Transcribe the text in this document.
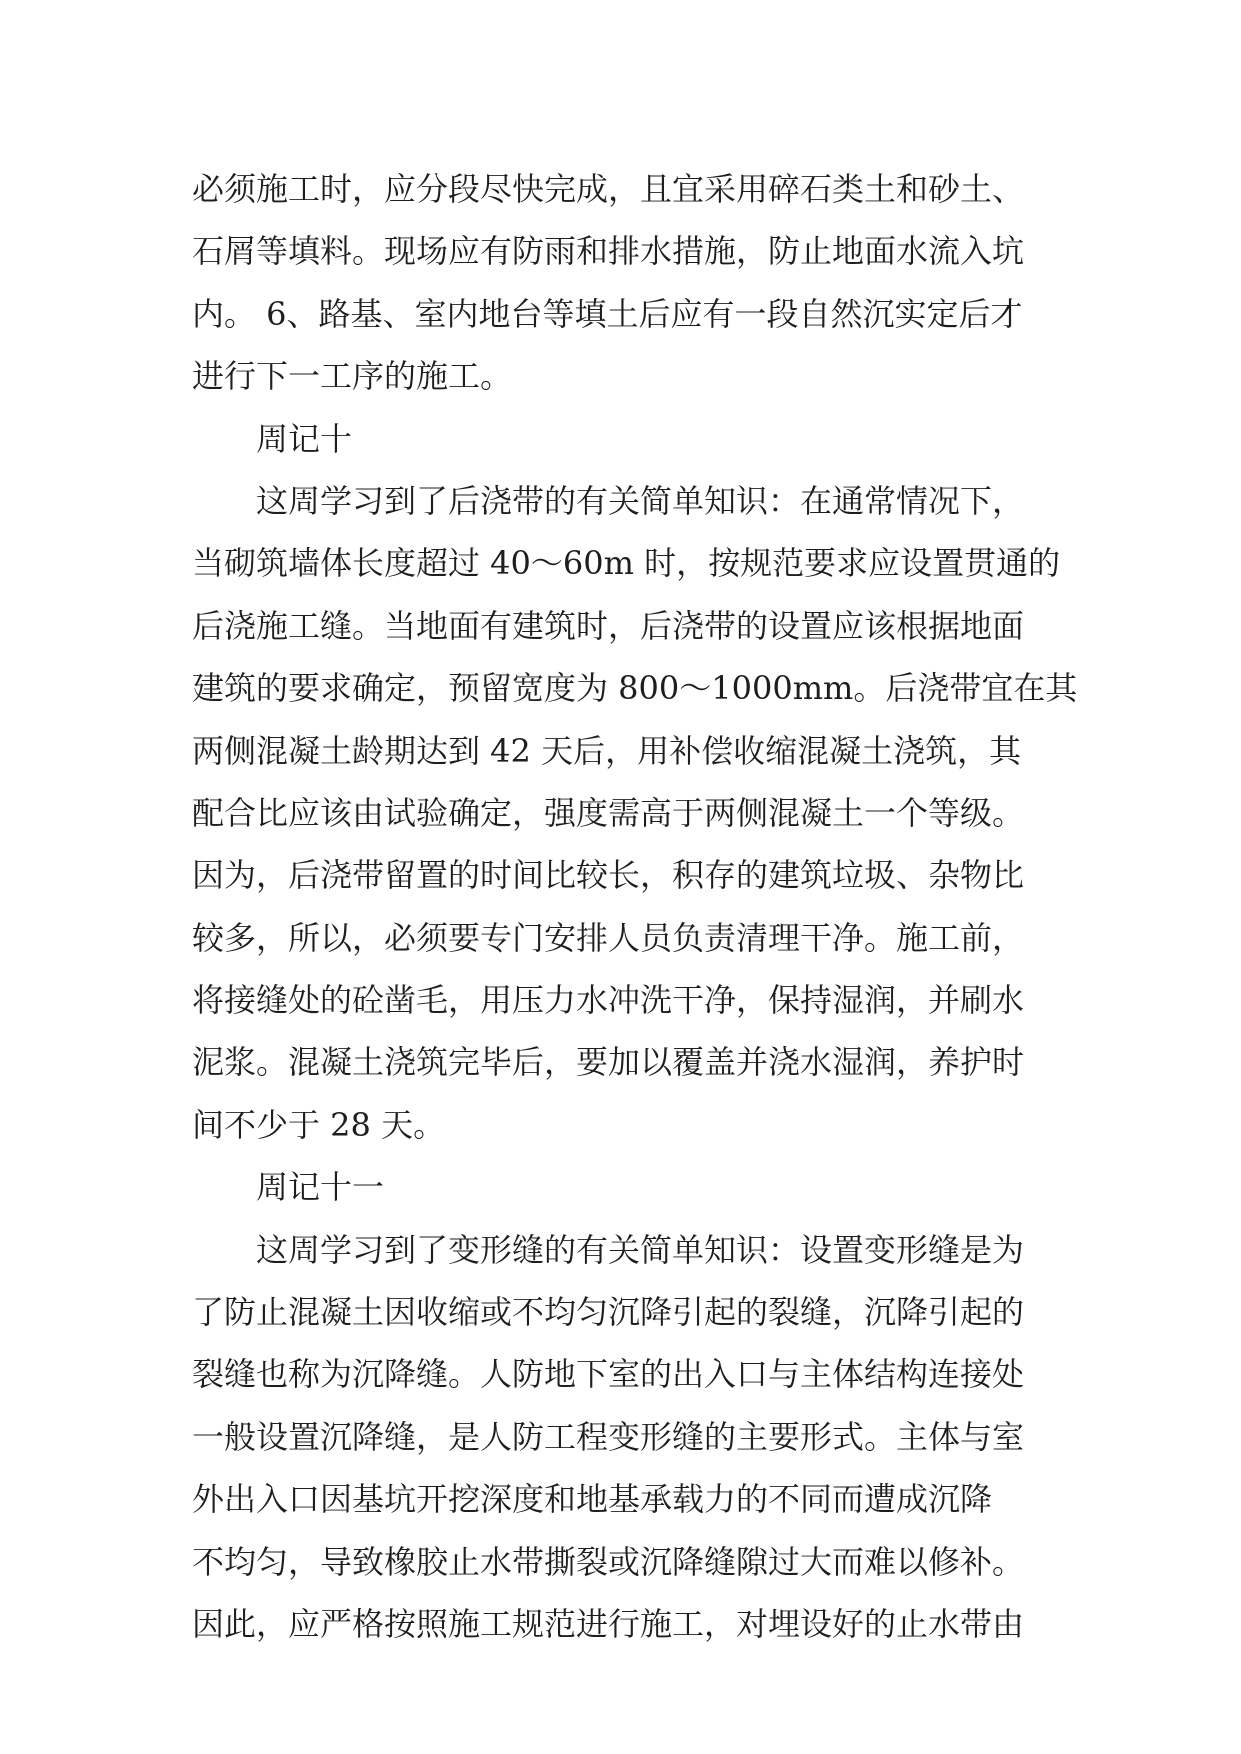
必须施工时，应分段尽快完成，且宜采用碎石类土和砂土、
石屑等填料。现场应有防雨和排水措施，防止地面水流入坑
内。 6、路基、室内地台等填土后应有一段自然沉实定后才
进行下一工序的施工。
周记十
这周学习到了后浇带的有关简单知识：在通常情况下，
当砌筑墙体长度超过 40～60m 时，按规范要求应设置贯通的
后浇施工缝。当地面有建筑时，后浇带的设置应该根据地面
建筑的要求确定，预留宽度为 800～1000mm。后浇带宜在其
两侧混凝土龄期达到 42 天后，用补偿收缩混凝土浇筑，其
配合比应该由试验确定，强度需高于两侧混凝土一个等级。
因为，后浇带留置的时间比较长，积存的建筑垃圾、杂物比
较多，所以，必须要专门安排人员负责清理干净。施工前，
将接缝处的砼凿毛，用压力水冲洗干净，保持湿润，并刷水
泥浆。混凝土浇筑完毕后，要加以覆盖并浇水湿润，养护时
间不少于 28 天。
周记十一
这周学习到了变形缝的有关简单知识：设置变形缝是为
了防止混凝土因收缩或不均匀沉降引起的裂缝，沉降引起的
裂缝也称为沉降缝。人防地下室的出入口与主体结构连接处
一般设置沉降缝，是人防工程变形缝的主要形式。主体与室
外出入口因基坑开挖深度和地基承载力的不同而遭成沉降
不均匀，导致橡胶止水带撕裂或沉降缝隙过大而难以修补。
因此，应严格按照施工规范进行施工，对埋设好的止水带由
